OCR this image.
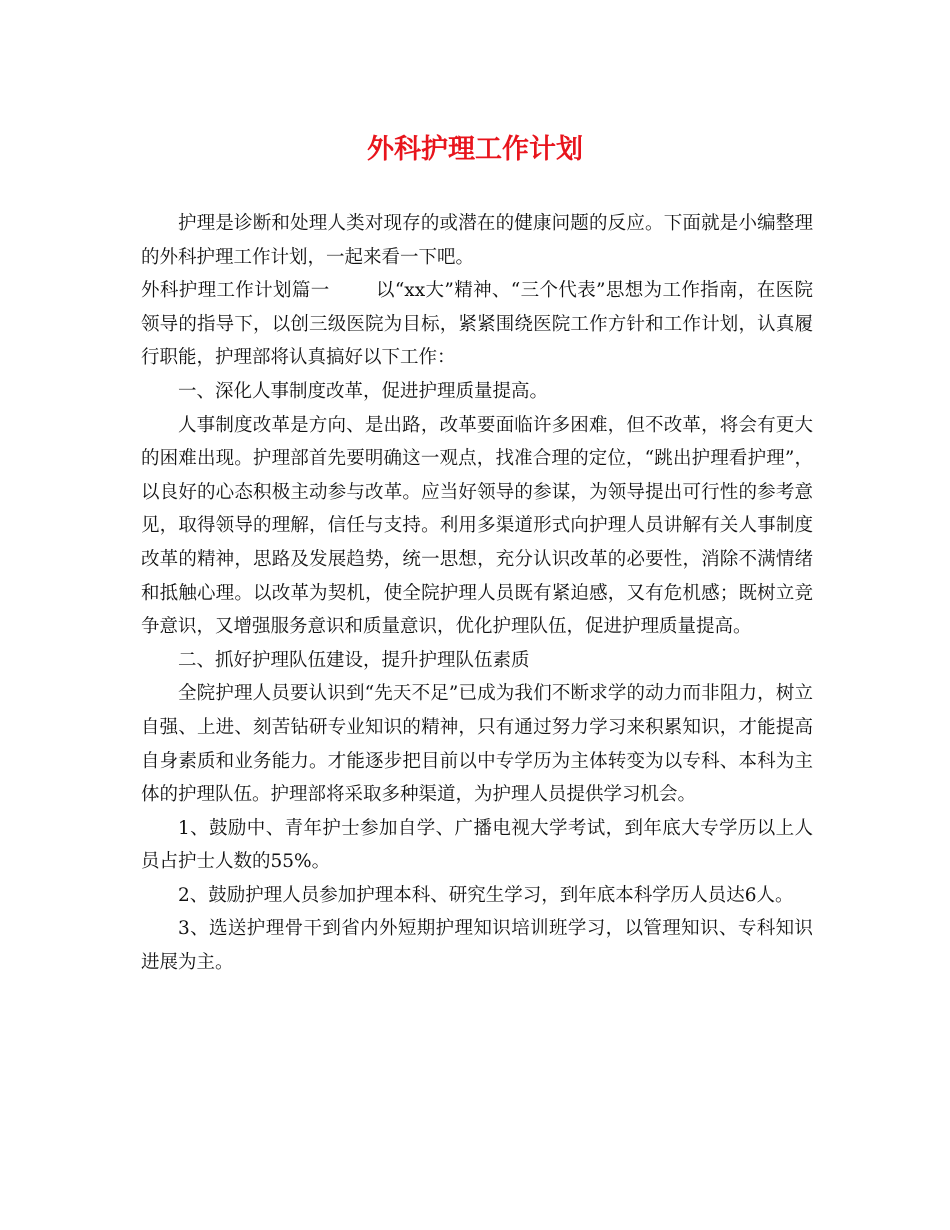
外科护理工作计划

护理是诊断和处理人类对现存的或潜在的健康问题的反应。下面就是小编整理的外科护理工作计划，一起来看一下吧。

外科护理工作计划篇一 以“xx大”精神、“三个代表”思想为工作指南，在医院领导的指导下，以创三级医院为目标，紧紧围绕医院工作方针和工作计划，认真履行职能，护理部将认真搞好以下工作：

一、深化人事制度改革，促进护理质量提高。

人事制度改革是方向、是出路，改革要面临许多困难，但不改革，将会有更大的困难出现。护理部首先要明确这一观点，找准合理的定位，“跳出护理看护理”，以良好的心态积极主动参与改革。应当好领导的参谋，为领导提出可行性的参考意见，取得领导的理解，信任与支持。利用多渠道形式向护理人员讲解有关人事制度改革的精神，思路及发展趋势，统一思想，充分认识改革的必要性，消除不满情绪和抵触心理。以改革为契机，使全院护理人员既有紧迫感，又有危机感；既树立竞争意识，又增强服务意识和质量意识，优化护理队伍，促进护理质量提高。

二、抓好护理队伍建设，提升护理队伍素质

全院护理人员要认识到“先天不足”已成为我们不断求学的动力而非阻力，树立自强、上进、刻苦钻研专业知识的精神，只有通过努力学习来积累知识，才能提高自身素质和业务能力。才能逐步把目前以中专学历为主体转变为以专科、本科为主体的护理队伍。护理部将采取多种渠道，为护理人员提供学习机会。

1、鼓励中、青年护士参加自学、广播电视大学考试，到年底大专学历以上人员占护士人数的55%。

2、鼓励护理人员参加护理本科、研究生学习，到年底本科学历人员达6人。

3、选送护理骨干到省内外短期护理知识培训班学习，以管理知识、专科知识进展为主。
